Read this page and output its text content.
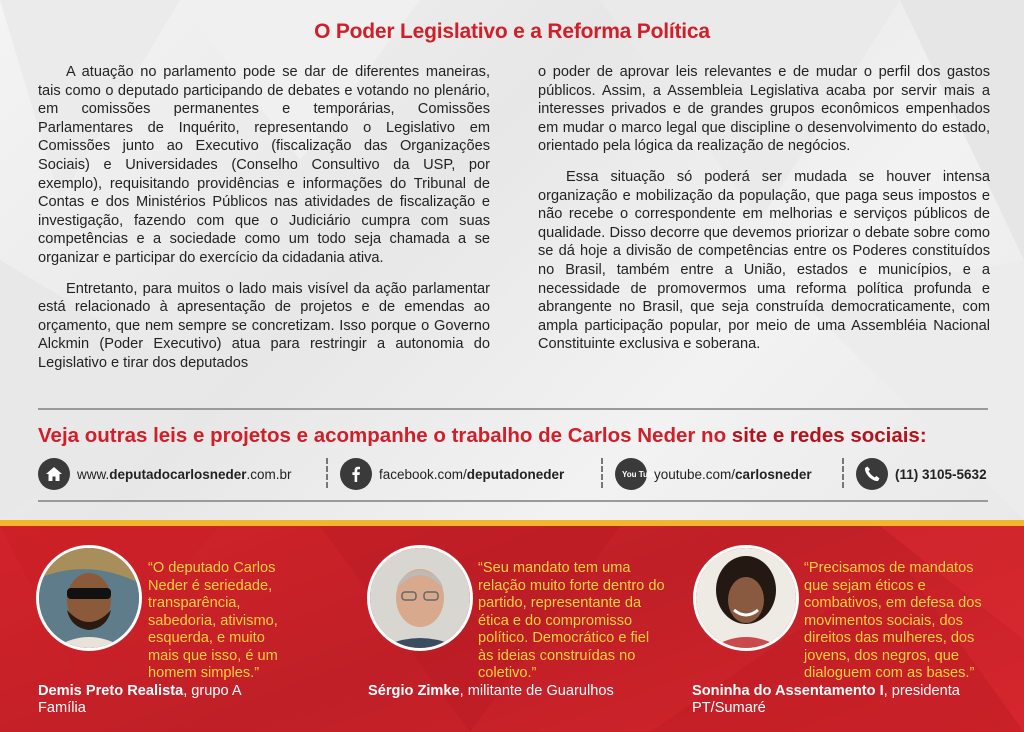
O Poder Legislativo e a Reforma Política

A atuação no parlamento pode se dar de diferentes maneiras, tais como o deputado participando de debates e votando no plenário, em comissões permanentes e temporárias, Comissões Parlamentares de Inquérito, representando o Legislativo em Comissões junto ao Executivo (fiscalização das Organizações Sociais) e Universidades (Conselho Consultivo da USP, por exemplo), requisitando providências e informações do Tribunal de Contas e dos Ministérios Públicos nas atividades de fiscalização e investigação, fazendo com que o Judiciário cumpra com suas competências e a sociedade como um todo seja chamada a se organizar e participar do exercício da cidadania ativa.

Entretanto, para muitos o lado mais visível da ação parlamentar está relacionado à apresentação de projetos e de emendas ao orçamento, que nem sempre se concretizam. Isso porque o Governo Alckmin (Poder Executivo) atua para restringir a autonomia do Legislativo e tirar dos deputados

o poder de aprovar leis relevantes e de mudar o perfil dos gastos públicos. Assim, a Assembleia Legislativa acaba por servir mais a interesses privados e de grandes grupos econômicos empenhados em mudar o marco legal que discipline o desenvolvimento do estado, orientado pela lógica da realização de negócios.

Essa situação só poderá ser mudada se houver intensa organização e mobilização da população, que paga seus impostos e não recebe o correspondente em melhorias e serviços públicos de qualidade. Disso decorre que devemos priorizar o debate sobre como se dá hoje a divisão de competências entre os Poderes constituídos no Brasil, também entre a União, estados e municípios, e a necessidade de promovermos uma reforma política profunda e abrangente no Brasil, que seja construída democraticamente, com ampla participação popular, por meio de uma Assembléia Nacional Constituinte exclusiva e soberana.

Veja outras leis e projetos e acompanhe o trabalho de Carlos Neder no site e redes sociais:
www. deputadocarlosneder .com.br	facebook.com/ deputadoneder	You Tube
youtube.com/ carlosneder	(11) 3105-5632
“O deputado Carlos Neder é seriedade, transparência, sabedoria, ativismo, esquerda, e muito mais que isso, é um homem simples.”
Demis Preto Realista, grupo A Família
“Seu mandato tem uma relação muito forte dentro do partido, representante da ética e do compromisso político. Democrático e fiel às ideias construídas no coletivo.”
Sérgio Zimke, militante de Guarulhos
“Precisamos de mandatos que sejam éticos e combativos, em defesa dos movimentos sociais, dos direitos das mulheres, dos jovens, dos negros, que dialoguem com as bases.”
Soninha do Assentamento I, presidenta PT/Sumaré
